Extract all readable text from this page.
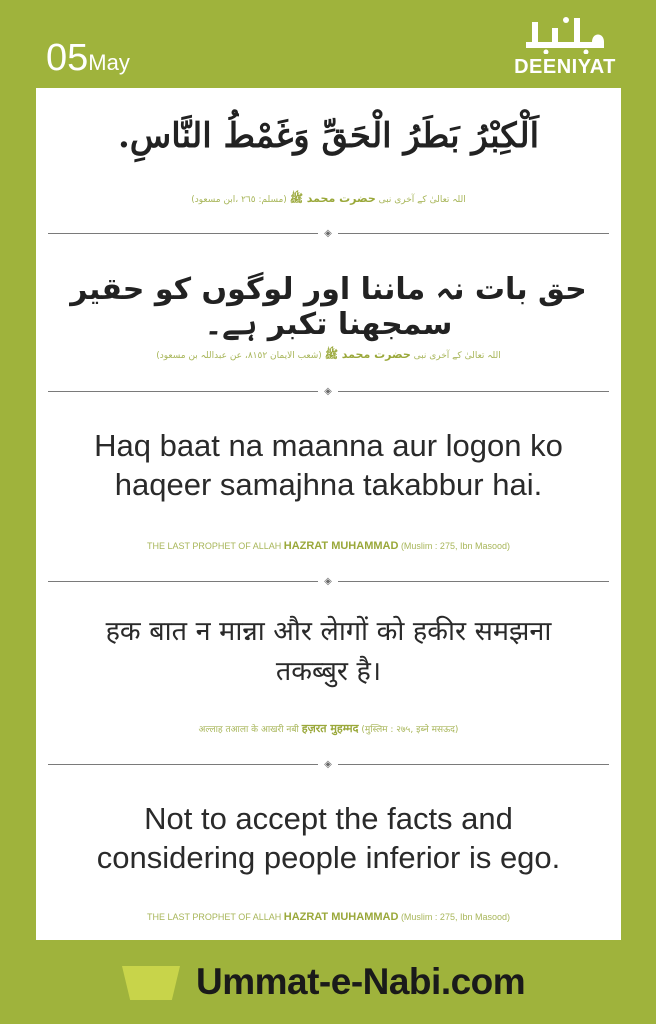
05May	DEENIYAT
اَلْكِبْرُ بَطَرُ الْحَقِّ وَغَمْطُ النَّاسِ.
اللہ تعالیٰ کے آخری نبی حضرت محمد ﷺ (مسلم: ٢٦٥ ،ابن مسعود)
◈
حق بات نہ ماننا اور لوگوں کو حقیر سمجھنا تکبر ہے۔
اللہ تعالیٰ کے آخری نبی حضرت محمد ﷺ (شعب الایمان ٨١٥٢، عن عبداللہ بن مسعود)
◈
Haq baat na maanna aur logon ko
haqeer samajhna takabbur hai.
THE LAST PROPHET OF ALLAH HAZRAT MUHAMMAD (Muslim : 275, Ibn Masood)
◈
हक बात न मान्ना और लेागों को हकीर समझना
तकब्बुर है।
अल्लाह तआला के आखरी नबी हज़रत मुहम्मद (मुस्लिम : २७५, इब्ने मसऊद)
◈
Not to accept the facts and
considering people inferior is ego.
THE LAST PROPHET OF ALLAH HAZRAT MUHAMMAD (Muslim : 275, Ibn Masood)
Ummat-e-Nabi.com
